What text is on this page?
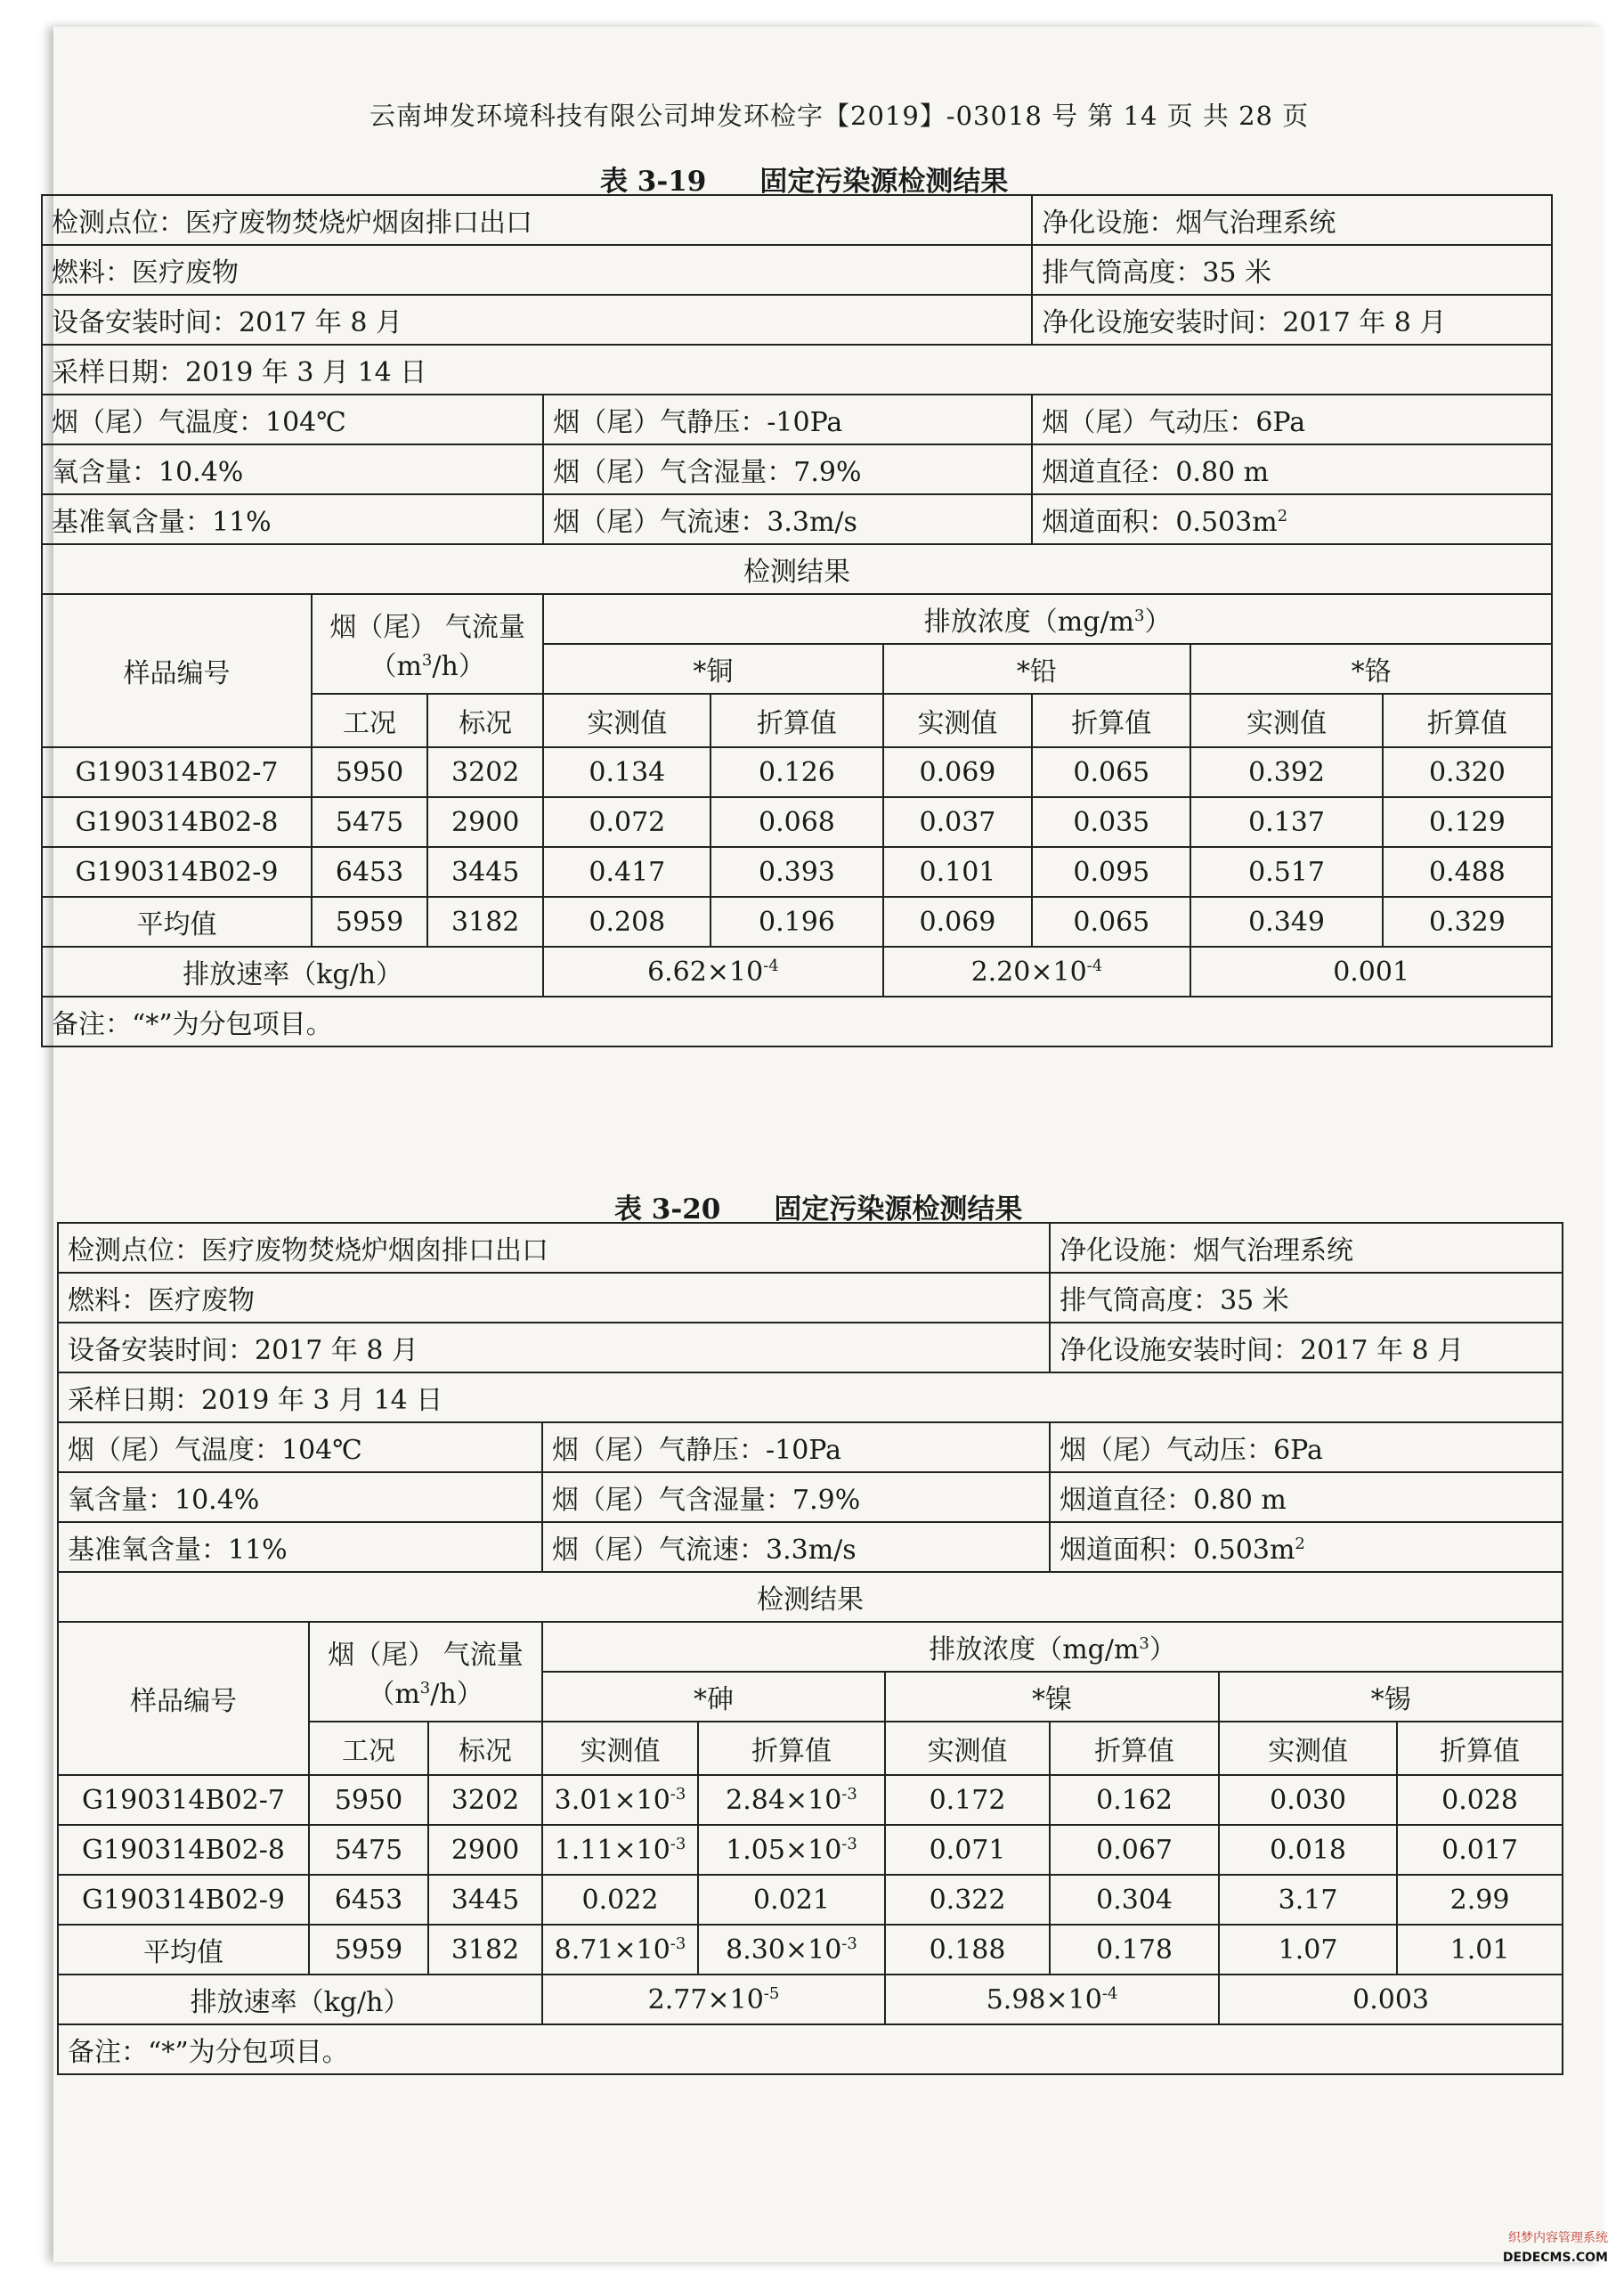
云南坤发环境科技有限公司坤发环检字【2019】-03018 号 第 14 页 共 28 页
表 3-19 固定污染源检测结果
检测点位：医疗废物焚烧炉烟囱排口出口						净化设施：烟气治理系统		
燃料：医疗废物						排气筒高度：35 米		
设备安装时间：2017 年 8 月						净化设施安装时间：2017 年 8 月		
采样日期：2019 年 3 月 14 日								
烟（尾）气温度：104℃			烟（尾）气静压：-10Pa			烟（尾）气动压：6Pa		
氧含量：10.4%			烟（尾）气含湿量：7.9%			烟道直径：0.80 m		
基准氧含量：11%			烟（尾）气流速：3.3m/s			烟道面积：$0.503m^2$
检测结果								
样品编号	烟（尾） 气流量
$(m^3/h)$		排放浓度$(mg/m^3)$					
			*铜		*铅		*铬	
	工况	标况	实测值	折算值	实测值	折算值	实测值	折算值
G190314B02-7	5950	3202	0.134	0.126	0.069	0.065	0.392	0.320
G190314B02-8	5475	2900	0.072	0.068	0.037	0.035	0.137	0.129
G190314B02-9	6453	3445	0.417	0.393	0.101	0.095	0.517	0.488
平均值	5959	3182	0.208	0.196	0.069	0.065	0.349	0.329
排放速率（kg/h）			$6.62\times 10^{-4}$		$2.20\times 10^{-4}$		0.001	
备注：“*”为分包项目。								
表 3-20 固定污染源检测结果
检测点位：医疗废物焚烧炉烟囱排口出口						净化设施：烟气治理系统		
燃料：医疗废物						排气筒高度：35 米		
设备安装时间：2017 年 8 月						净化设施安装时间：2017 年 8 月		
采样日期：2019 年 3 月 14 日								
烟（尾）气温度：104℃			烟（尾）气静压：-10Pa			烟（尾）气动压：6Pa		
氧含量：10.4%			烟（尾）气含湿量：7.9%			烟道直径：0.80 m		
基准氧含量：11%			烟（尾）气流速：3.3m/s			烟道面积：$0.503m^2$
检测结果								
样品编号	烟（尾） 气流量
$(m^3/h)$		排放浓度$(mg/m^3)$					
			*砷		*镍		*锡	
	工况	标况	实测值	折算值	实测值	折算值	实测值	折算值
G190314B02-7	5950	3202	$3.01\times 10^{-3}$	$2.84\times 10^{-3}$	0.172	0.162	0.030	0.028
G190314B02-8	5475	2900	$1.11\times 10^{-3}$	$1.05\times 10^{-3}$	0.071	0.067	0.018	0.017
G190314B02-9	6453	3445	0.022	0.021	0.322	0.304	3.17	2.99
平均值	5959	3182	$8.71\times 10^{-3}$	$8.30\times 10^{-3}$	0.188	0.178	1.07	1.01
排放速率（kg/h）			$2.77\times 10^{-5}$		$5.98\times 10^{-4}$		0.003	
备注：“*”为分包项目。								
织梦内容管理系统
DEDECMS.COM
